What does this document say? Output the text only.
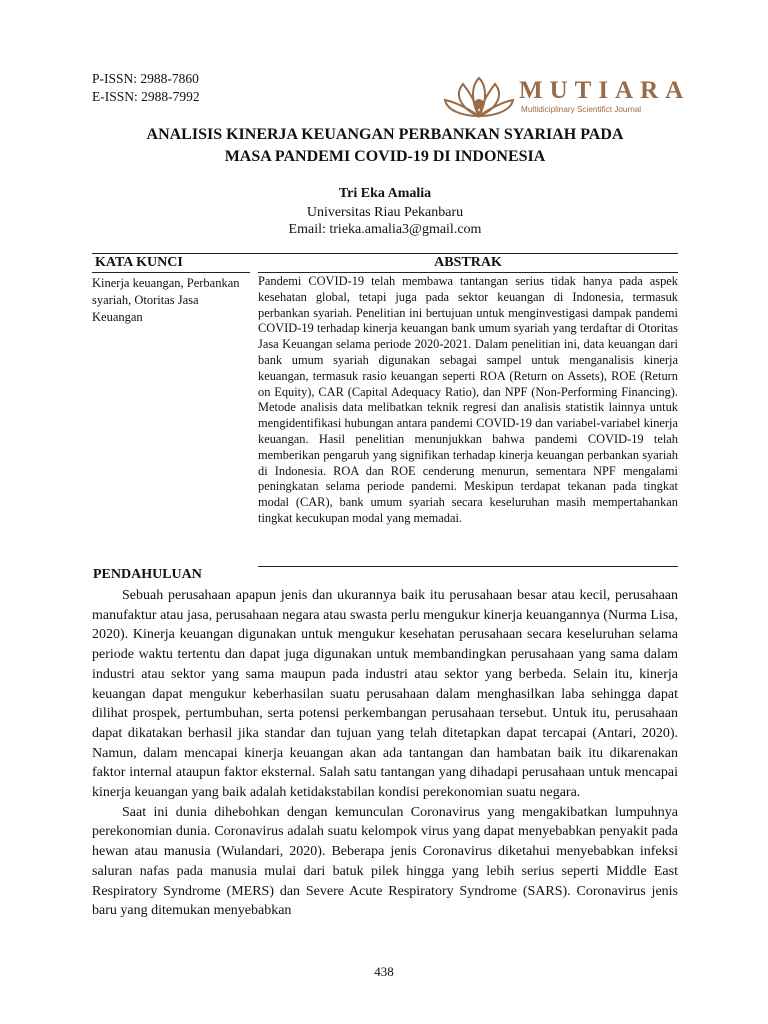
P-ISSN: 2988-7860
E-ISSN: 2988-7992	MUTIARA
Multidiciplinary Scientifict Journal
ANALISIS KINERJA KEUANGAN PERBANKAN SYARIAH PADA
MASA PANDEMI COVID-19 DI INDONESIA
Tri Eka Amalia
Universitas Riau Pekanbaru
Email: trieka.amalia3@gmail.com
KATA KUNCI	ABSTRAK
Kinerja keuangan, Perbankan syariah, Otoritas Jasa Keuangan

Pandemi COVID-19 telah membawa tantangan serius tidak hanya pada aspek kesehatan global, tetapi juga pada sektor keuangan di Indonesia, termasuk perbankan syariah. Penelitian ini bertujuan untuk menginvestigasi dampak pandemi COVID-19 terhadap kinerja keuangan bank umum syariah yang terdaftar di Otoritas Jasa Keuangan selama periode 2020-2021. Dalam penelitian ini, data keuangan dari bank umum syariah digunakan sebagai sampel untuk menganalisis kinerja keuangan, termasuk rasio keuangan seperti ROA (Return on Assets), ROE (Return on Equity), CAR (Capital Adequacy Ratio), dan NPF (Non-Performing Financing). Metode analisis data melibatkan teknik regresi dan analisis statistik lainnya untuk mengidentifikasi hubungan antara pandemi COVID-19 dan variabel-variabel kinerja keuangan. Hasil penelitian menunjukkan bahwa pandemi COVID-19 telah memberikan pengaruh yang signifikan terhadap kinerja keuangan perbankan syariah di Indonesia. ROA dan ROE cenderung menurun, sementara NPF mengalami peningkatan selama periode pandemi. Meskipun terdapat tekanan pada tingkat modal (CAR), bank umum syariah secara keseluruhan masih mempertahankan tingkat kecukupan modal yang memadai.

PENDAHULUAN

Sebuah perusahaan apapun jenis dan ukurannya baik itu perusahaan besar atau kecil, perusahaan manufaktur atau jasa, perusahaan negara atau swasta perlu mengukur kinerja keuangannya (Nurma Lisa, 2020). Kinerja keuangan digunakan untuk mengukur kesehatan perusahaan secara keseluruhan selama periode waktu tertentu dan dapat juga digunakan untuk membandingkan perusahaan yang sama dalam industri atau sektor yang sama maupun pada industri atau sektor yang berbeda. Selain itu, kinerja keuangan dapat mengukur keberhasilan suatu perusahaan dalam menghasilkan laba sehingga dapat dilihat prospek, pertumbuhan, serta potensi perkembangan perusahaan tersebut. Untuk itu, perusahaan dapat dikatakan berhasil jika standar dan tujuan yang telah ditetapkan dapat tercapai (Antari, 2020). Namun, dalam mencapai kinerja keuangan akan ada tantangan dan hambatan baik itu dikarenakan faktor internal ataupun faktor eksternal. Salah satu tantangan yang dihadapi perusahaan untuk mencapai kinerja keuangan yang baik adalah ketidakstabilan kondisi perekonomian suatu negara.

Saat ini dunia dihebohkan dengan kemunculan Coronavirus yang mengakibatkan lumpuhnya perekonomian dunia. Coronavirus adalah suatu kelompok virus yang dapat menyebabkan penyakit pada hewan atau manusia (Wulandari, 2020). Beberapa jenis Coronavirus diketahui menyebabkan infeksi saluran nafas pada manusia mulai dari batuk pilek hingga yang lebih serius seperti Middle East Respiratory Syndrome (MERS) dan Severe Acute Respiratory Syndrome (SARS). Coronavirus jenis baru yang ditemukan menyebabkan

438
